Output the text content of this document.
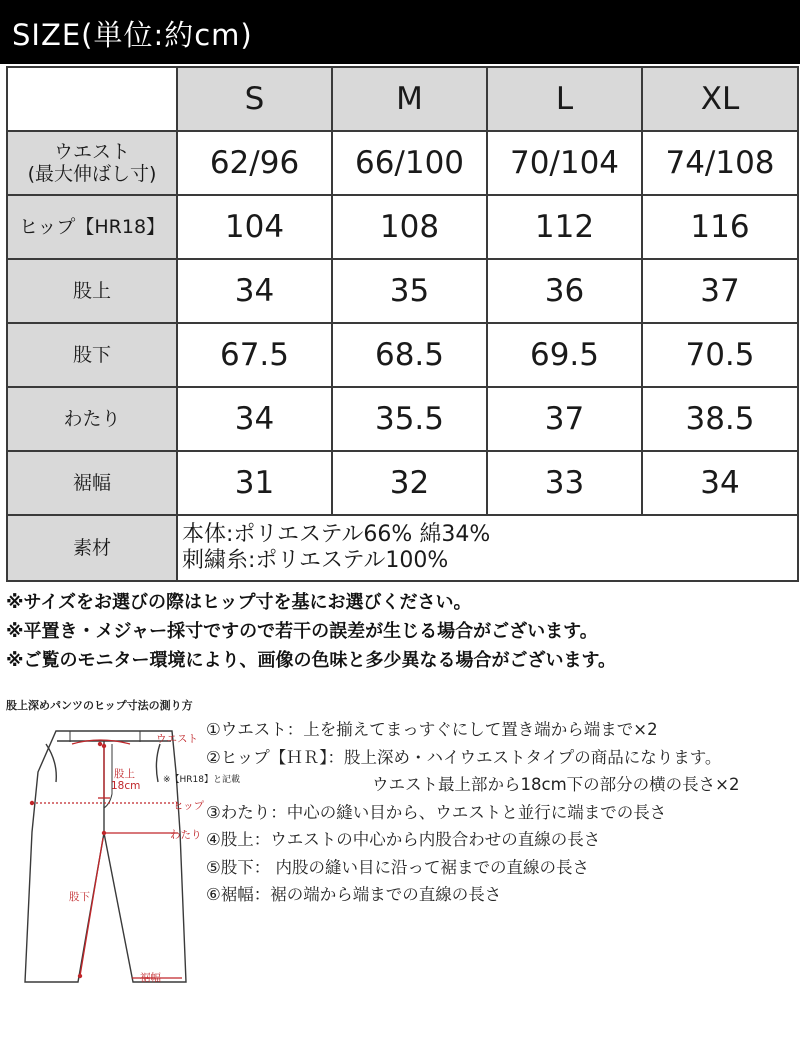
SIZE(単位:約cm)
	S	M	L	XL
ウエスト
(最大伸ばし寸)	62/96	66/100	70/104	74/108
ヒップ【HR18】	104	108	112	116
股上	34	35	36	37
股下	67.5	68.5	69.5	70.5
わたり	34	35.5	37	38.5
裾幅	31	32	33	34
素材	本体:ポリエステル66% 綿34%
刺繍糸:ポリエステル100%			
※サイズをお選びの際はヒップ寸を基にお選びください。
※平置き・メジャー採寸ですので若干の誤差が生じる場合がございます。
※ご覧のモニター環境により、画像の色味と多少異なる場合がございます。
股上深めパンツのヒップ寸法の測り方
※【HR18】と記載
ウエスト
股上
18cm
ヒップ
わたり
股下
裾幅
①ウエスト：上を揃えてまっすぐにして置き端から端まで×2
②ヒップ【ＨＲ】：股上深め・ハイウエストタイプの商品になります。
ウエスト最上部から18cm下の部分の横の長さ×2
③わたり：中心の縫い目から、ウエストと並行に端までの長さ
④股上：ウエストの中心から内股合わせの直線の長さ
⑤股下： 内股の縫い目に沿って裾までの直線の長さ
⑥裾幅：裾の端から端までの直線の長さ
